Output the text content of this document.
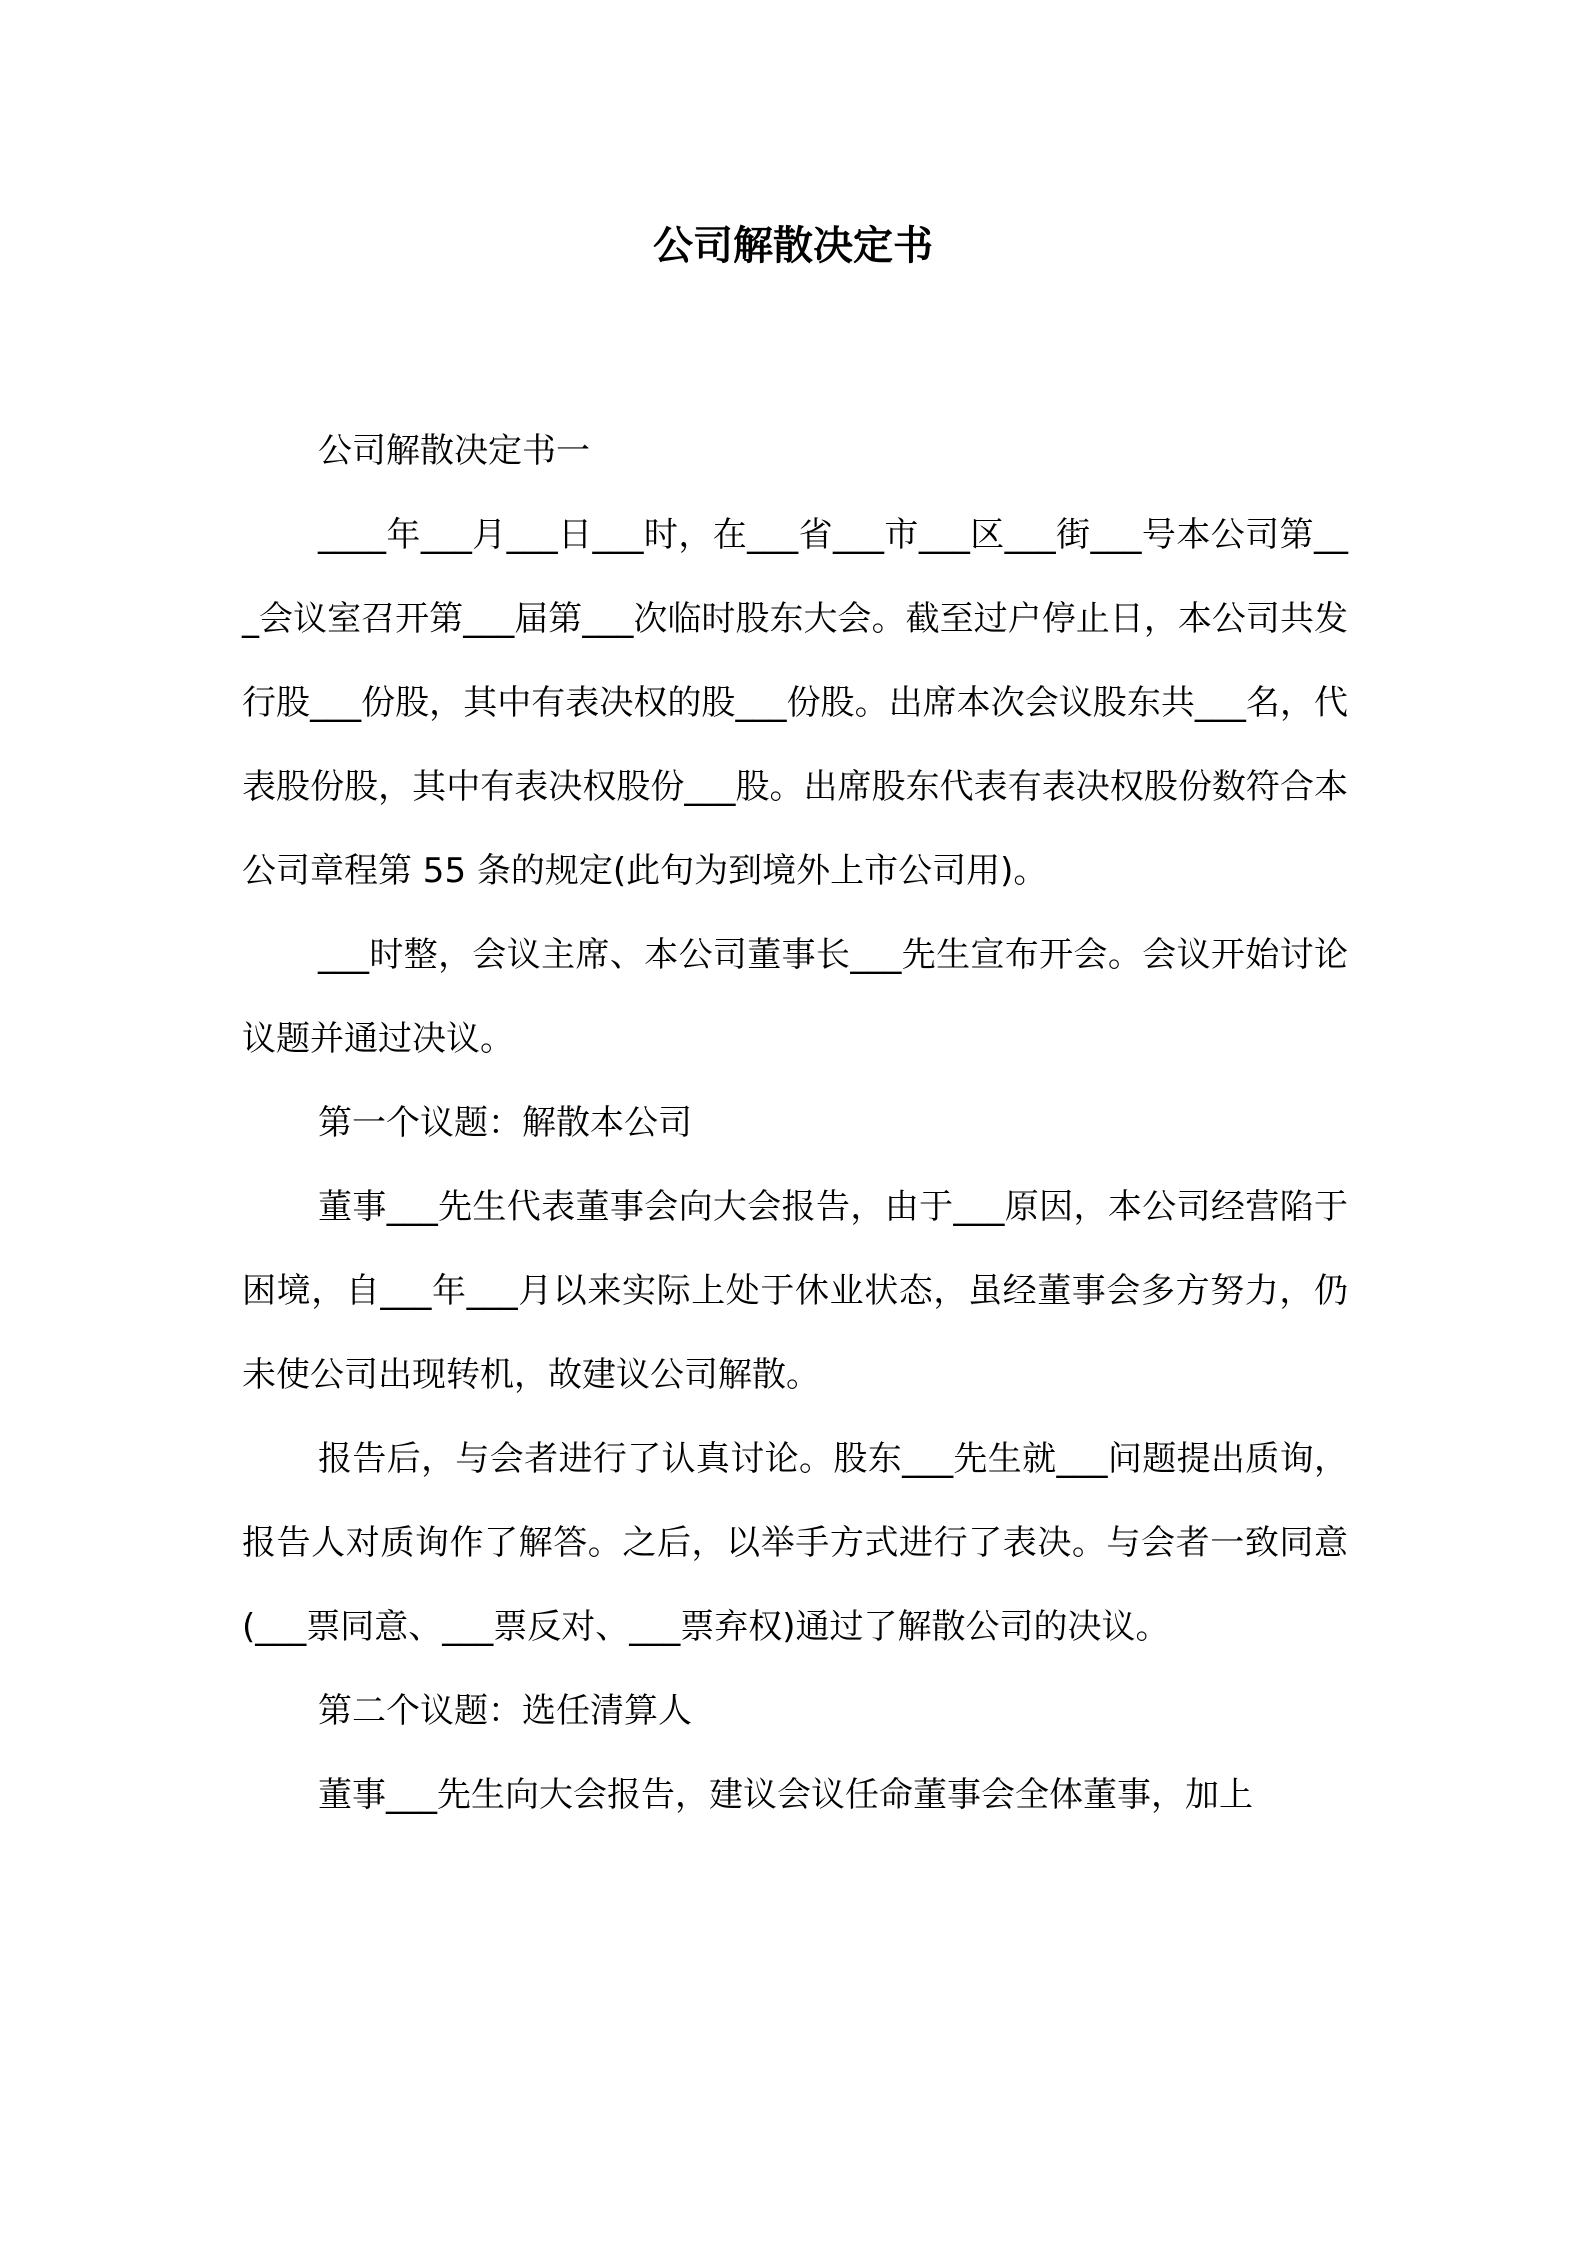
公司解散决定书

公司解散决定书一

____年___月___日___时，在___省___市___区___街___号本公司第___会议室召开第___届第___次临时股东大会。截至过户停止日，本公司共发行股___份股，其中有表决权的股___份股。出席本次会议股东共___名，代表股份股，其中有表决权股份___股。出席股东代表有表决权股份数符合本公司章程第 55 条的规定(此句为到境外上市公司用)。

___时整，会议主席、本公司董事长___先生宣布开会。会议开始讨论议题并通过决议。

第一个议题：解散本公司

董事___先生代表董事会向大会报告，由于___原因，本公司经营陷于困境，自___年___月以来实际上处于休业状态，虽经董事会多方努力，仍未使公司出现转机，故建议公司解散。

报告后，与会者进行了认真讨论。股东___先生就___问题提出质询，报告人对质询作了解答。之后，以举手方式进行了表决。与会者一致同意(___票同意、___票反对、___票弃权)通过了解散公司的决议。

第二个议题：选任清算人

董事___先生向大会报告，建议会议任命董事会全体董事，加上
